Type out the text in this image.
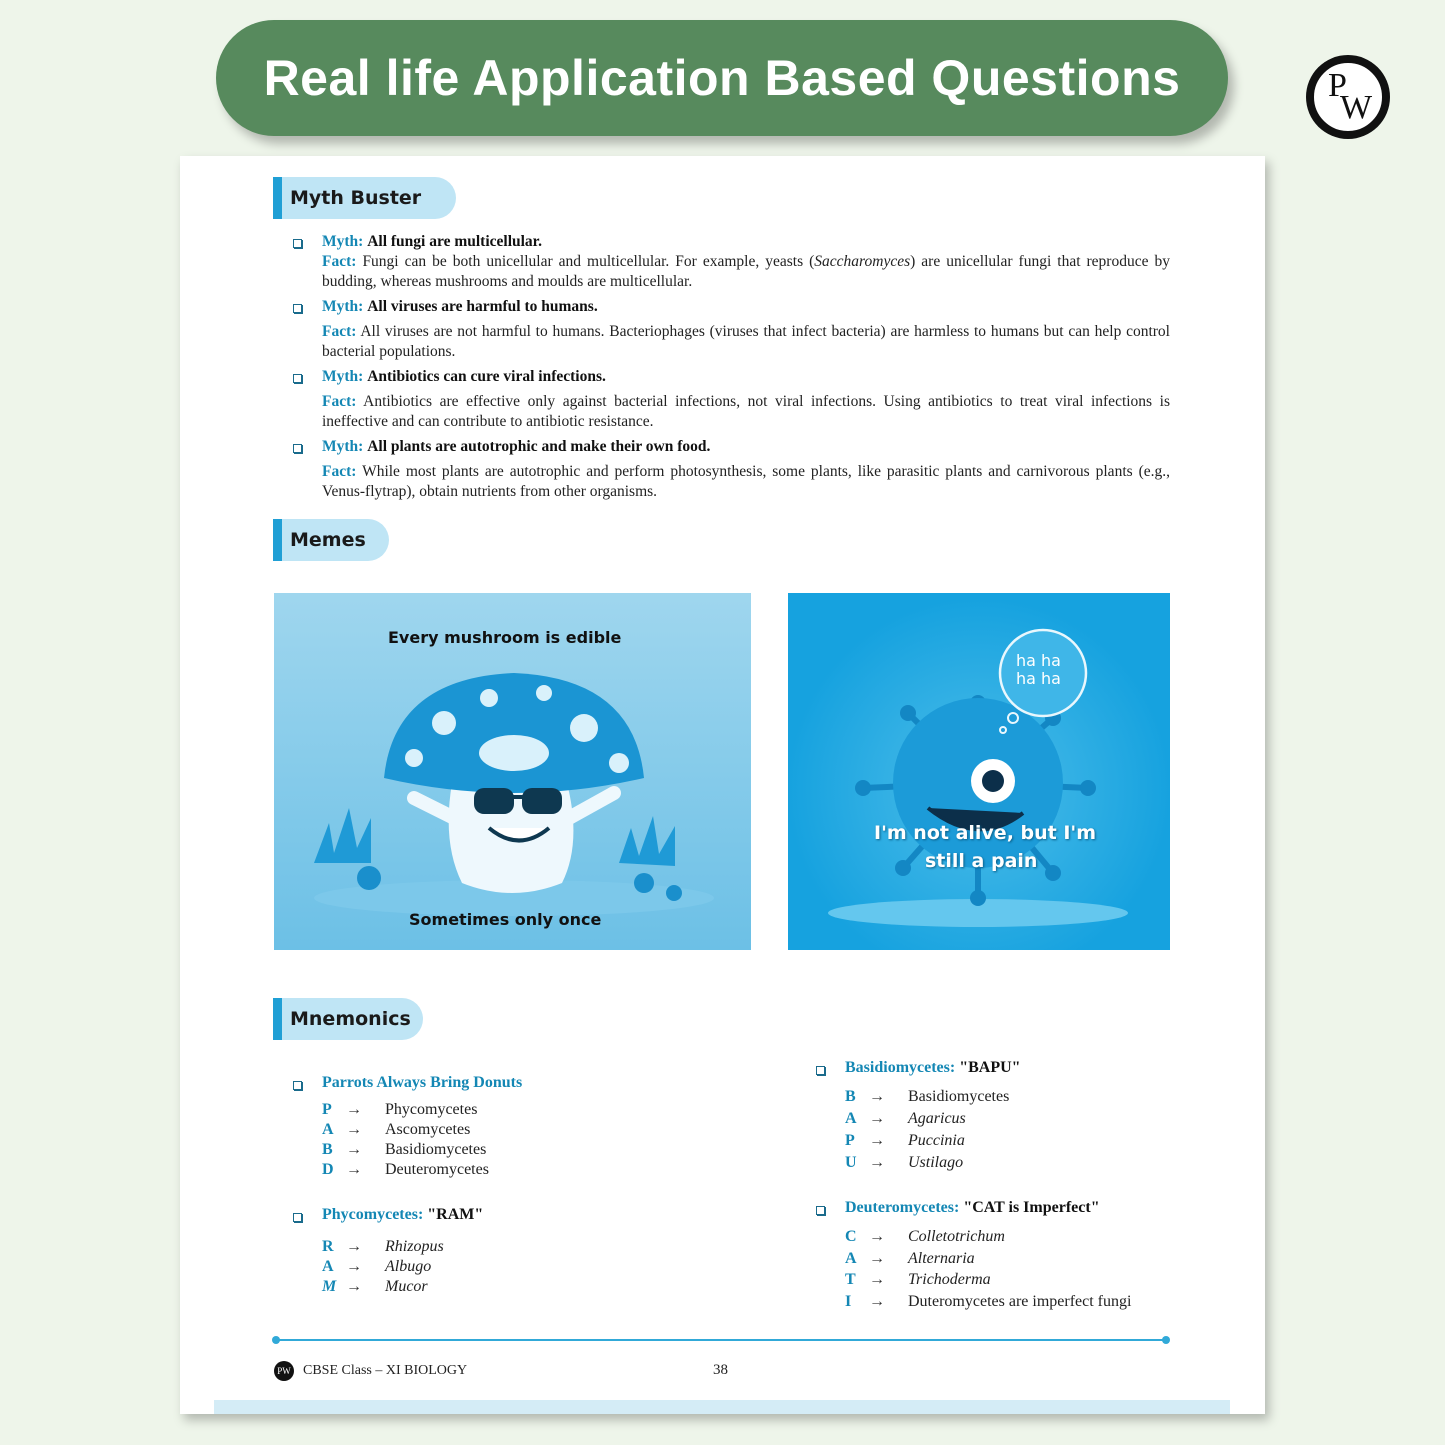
Real life Application Based Questions	P
W
Myth Buster
Myth: All fungi are multicellular.
Fact: Fungi can be both unicellular and multicellular. For example, yeasts (Saccharomyces) are unicellular fungi that reproduce by budding, whereas mushrooms and moulds are multicellular.
Myth: All viruses are harmful to humans.
Fact: All viruses are not harmful to humans. Bacteriophages (viruses that infect bacteria) are harmless to humans but can help control bacterial populations.
Myth: Antibiotics can cure viral infections.
Fact: Antibiotics are effective only against bacterial infections, not viral infections. Using antibiotics to treat viral infections is ineffective and can contribute to antibiotic resistance.
Myth: All plants are autotrophic and make their own food.
Fact: While most plants are autotrophic and perform photosynthesis, some plants, like parasitic plants and carnivorous plants (e.g., Venus-flytrap), obtain nutrients from other organisms.
Memes
Every mushroom is edible
Sometimes only once
ha ha
ha ha
I'm not alive, but I'm
still a pain
Mnemonics
Parrots Always Bring Donuts
P → Phycomycetes
A → Ascomycetes
B → Basidiomycetes
D → Deuteromycetes
Phycomycetes: "RAM"
R → Rhizopus
A → Albugo
M → Mucor
Basidiomycetes: "BAPU"
B → Basidiomycetes
A → Agaricus
P → Puccinia
U → Ustilago
Deuteromycetes: "CAT is Imperfect"
C → Colletotrichum
A → Alternaria
T → Trichoderma
I → Duteromycetes are imperfect fungi
PW CBSE Class – XI BIOLOGY	38
